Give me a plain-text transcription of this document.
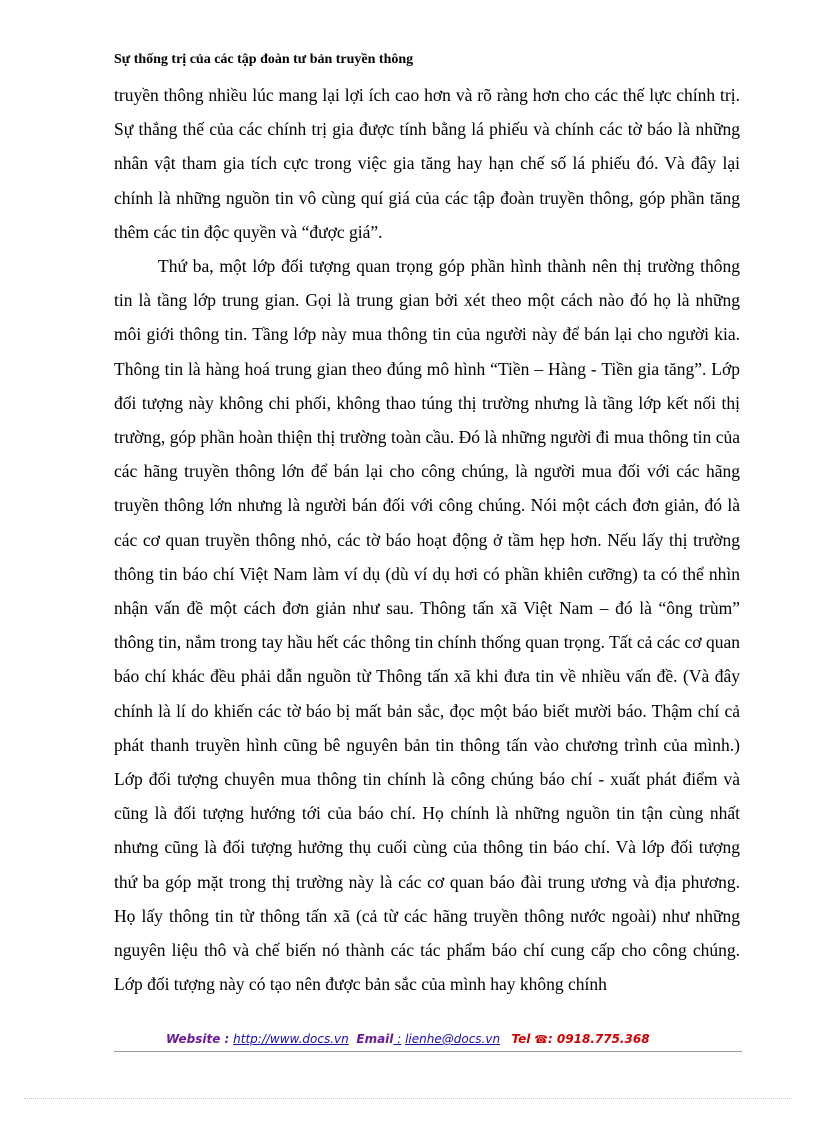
Sự thống trị của các tập đoàn tư bản truyền thông

truyền thông nhiều lúc mang lại lợi ích cao hơn và rõ ràng hơn cho các thế lực chính trị. Sự thắng thế của các chính trị gia được tính bằng lá phiếu và chính các tờ báo là những nhân vật tham gia tích cực trong việc gia tăng hay hạn chế số lá phiếu đó. Và đây lại chính là những nguồn tin vô cùng quí giá của các tập đoàn truyền thông, góp phần tăng thêm các tin độc quyền và “được giá”.

Thứ ba, một lớp đối tượng quan trọng góp phần hình thành nên thị trường thông tin là tầng lớp trung gian. Gọi là trung gian bởi xét theo một cách nào đó họ là những môi giới thông tin. Tầng lớp này mua thông tin của người này để bán lại cho người kia. Thông tin là hàng hoá trung gian theo đúng mô hình “Tiền – Hàng - Tiền gia tăng”. Lớp đối tượng này không chi phối, không thao túng thị trường nhưng là tầng lớp kết nối thị trường, góp phần hoàn thiện thị trường toàn cầu. Đó là những người đi mua thông tin của các hãng truyền thông lớn để bán lại cho công chúng, là người mua đối với các hãng truyền thông lớn nhưng là người bán đối với công chúng. Nói một cách đơn giản, đó là các cơ quan truyền thông nhỏ, các tờ báo hoạt động ở tầm hẹp hơn. Nếu lấy thị trường thông tin báo chí Việt Nam làm ví dụ (dù ví dụ hơi có phần khiên cưỡng) ta có thể nhìn nhận vấn đề một cách đơn giản như sau. Thông tấn xã Việt Nam – đó là “ông trùm” thông tin, nắm trong tay hầu hết các thông tin chính thống quan trọng. Tất cả các cơ quan báo chí khác đều phải dẫn nguồn từ Thông tấn xã khi đưa tin về nhiều vấn đề. (Và đây chính là lí do khiến các tờ báo bị mất bản sắc, đọc một báo biết mười báo. Thậm chí cả phát thanh truyền hình cũng bê nguyên bản tin thông tấn vào chương trình của mình.) Lớp đối tượng chuyên mua thông tin chính là công chúng báo chí - xuất phát điểm và cũng là đối tượng hướng tới của báo chí. Họ chính là những nguồn tin tận cùng nhất nhưng cũng là đối tượng hưởng thụ cuối cùng của thông tin báo chí. Và lớp đối tượng thứ ba góp mặt trong thị trường này là các cơ quan báo đài trung ương và địa phương. Họ lấy thông tin từ thông tấn xã (cả từ các hãng truyền thông nước ngoài) như những nguyên liệu thô và chế biến nó thành các tác phẩm báo chí cung cấp cho công chúng. Lớp đối tượng này có tạo nên được bản sắc của mình hay không chính

Website : http://www.docs.vn Email : lienhe@docs.vn Tel ☎: 0918.775.368
